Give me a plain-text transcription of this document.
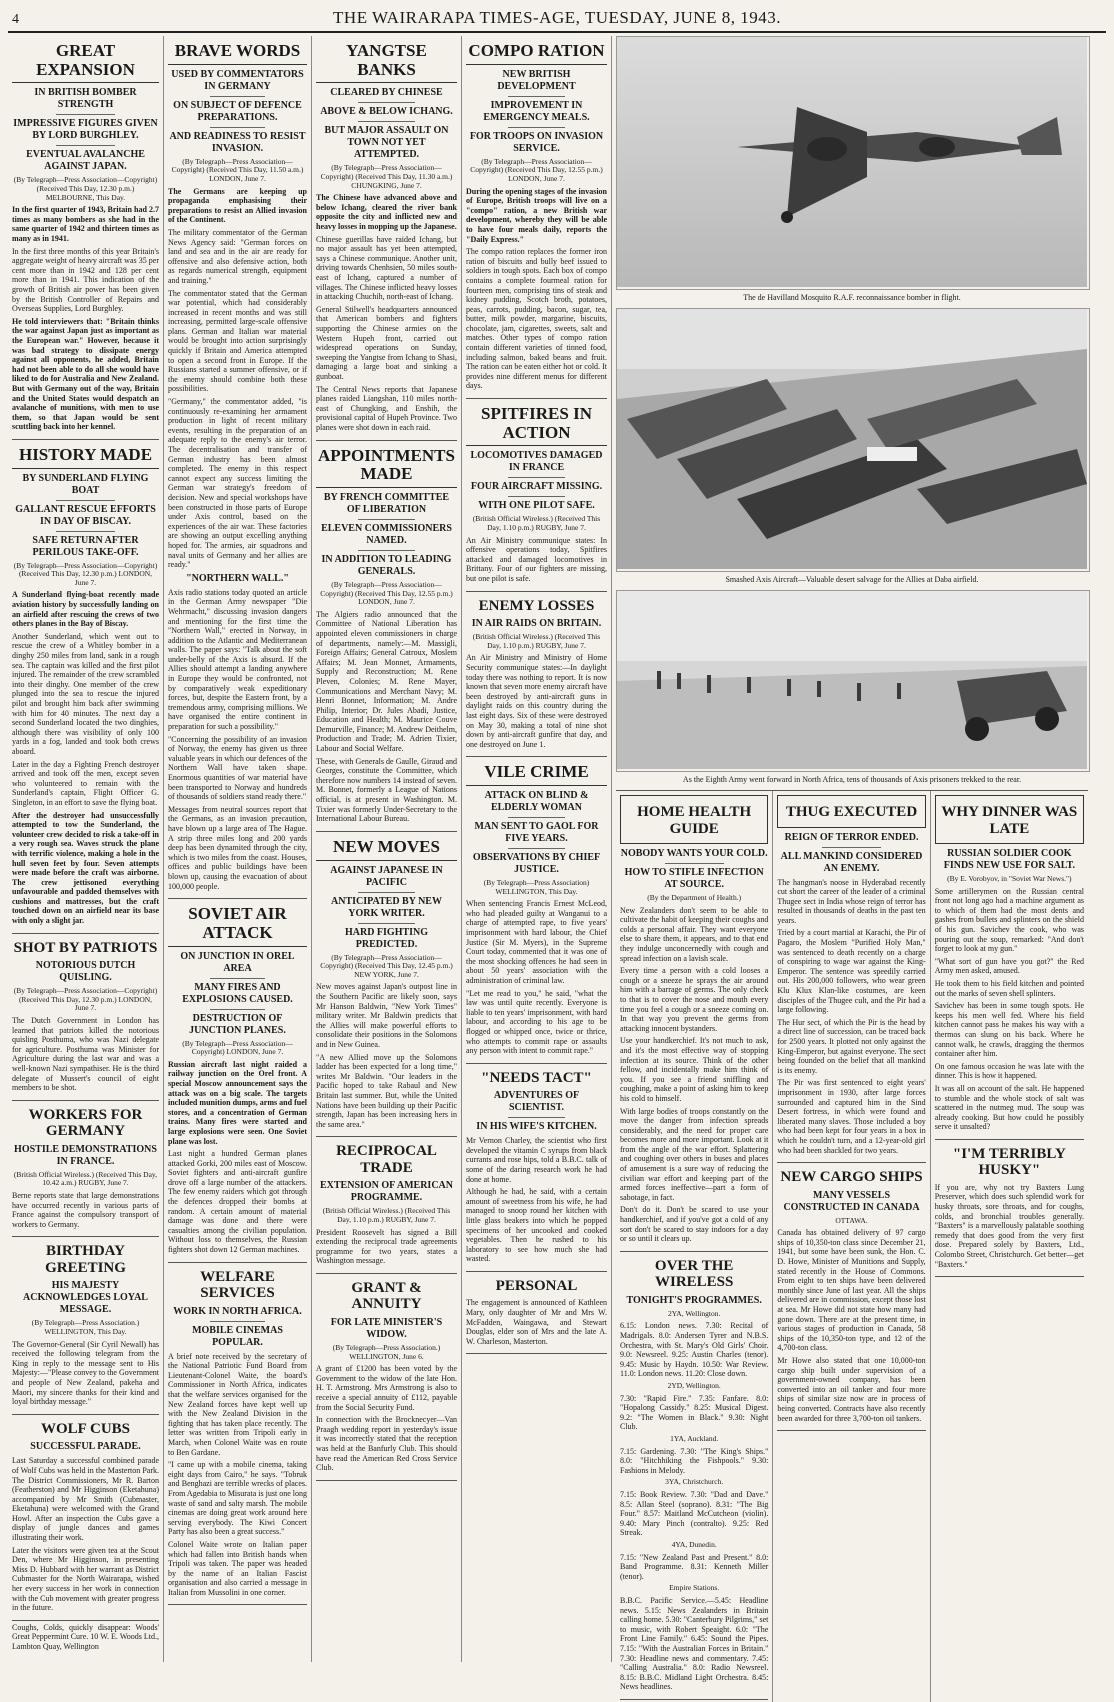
4	THE WAIRARAPA TIMES-AGE, TUESDAY, JUNE 8, 1943.
GREAT EXPANSION
IN BRITISH BOMBER STRENGTH
IMPRESSIVE FIGURES GIVEN BY LORD BURGHLEY.
EVENTUAL AVALANCHE AGAINST JAPAN.
(By Telegraph—Press Association—Copyright) (Received This Day, 12.30 p.m.) MELBOURNE, This Day.

In the first quarter of 1943, Britain had 2.7 times as many bombers as she had in the same quarter of 1942 and thirteen times as many as in 1941.

In the first three months of this year Britain's aggregate weight of heavy aircraft was 35 per cent more than in 1942 and 128 per cent more than in 1941. This indication of the growth of British air power has been given by the British Controller of Repairs and Overseas Supplies, Lord Burghley.

He told interviewers that: "Britain thinks the war against Japan just as important as the European war." However, because it was bad strategy to dissipate energy against all opponents, he added, Britain had not been able to do all she would have liked to do for Australia and New Zealand. But with Germany out of the way, Britain and the United States would despatch an avalanche of munitions, with men to use them, so that Japan would be sent scuttling back into her kennel.

HISTORY MADE
BY SUNDERLAND FLYING BOAT
GALLANT RESCUE EFFORTS IN DAY OF BISCAY.
SAFE RETURN AFTER PERILOUS TAKE-OFF.
(By Telegraph—Press Association—Copyright) (Received This Day, 12.30 p.m.) LONDON, June 7.

A Sunderland flying-boat recently made aviation history by successfully landing on an airfield after rescuing the crews of two others planes in the Bay of Biscay.

Another Sunderland, which went out to rescue the crew of a Whitley bomber in a dinghy 250 miles from land, sank in a rough sea. The captain was killed and the first pilot injured. The remainder of the crew scrambled into their dinghy. One member of the crew plunged into the sea to rescue the injured pilot and brought him back after swimming with him for 40 minutes. The next day a second Sunderland located the two dinghies, although there was visibility of only 100 yards in a fog, landed and took both crews aboard.

Later in the day a Fighting French destroyer arrived and took off the men, except seven who volunteered to remain with the Sunderland's captain, Flight Officer G. Singleton, in an effort to save the flying boat.

After the destroyer had unsuccessfully attempted to tow the Sunderland, the volunteer crew decided to risk a take-off in a very rough sea. Waves struck the plane with terrific violence, making a hole in the hull seven feet by four. Seven attempts were made before the craft was airborne. The crew jettisoned everything unfavourable and padded themselves with cushions and mattresses, but the craft touched down on an airfield near its base with only a slight jar.

SHOT BY PATRIOTS
NOTORIOUS DUTCH QUISLING.
(By Telegraph—Press Association—Copyright) (Received This Day, 12.30 p.m.) LONDON, June 7.

The Dutch Government in London has learned that patriots killed the notorious quisling Posthuma, who was Nazi delegate for agriculture. Posthuma was Minister for Agriculture during the last war and was a well-known Nazi sympathiser. He is the third delegate of Mussert's council of eight members to be shot.

WORKERS FOR GERMANY
HOSTILE DEMONSTRATIONS IN FRANCE.
(British Official Wireless.) (Received This Day, 10.42 a.m.) RUGBY, June 7.

Berne reports state that large demonstrations have occurred recently in various parts of France against the compulsory transport of workers to Germany.

BIRTHDAY GREETING
HIS MAJESTY ACKNOWLEDGES LOYAL MESSAGE.
(By Telegraph—Press Association.) WELLINGTON, This Day.

The Governor-General (Sir Cyril Newall) has received the following telegram from the King in reply to the message sent to His Majesty:—"Please convey to the Government and people of New Zealand, pakeha and Maori, my sincere thanks for their kind and loyal birthday message."

WOLF CUBS
SUCCESSFUL PARADE.

Last Saturday a successful combined parade of Wolf Cubs was held in the Masterton Park. The District Commissioners, Mr R. Barton (Featherston) and Mr Higginson (Eketahuna) accompanied by Mr Smith (Cubmaster, Eketahuna) were welcomed with the Grand Howl. After an inspection the Cubs gave a display of jungle dances and games illustrating their work.

Later the visitors were given tea at the Scout Den, where Mr Higginson, in presenting Miss D. Hubbard with her warrant as District Cubmaster for the North Wairarapa, wished her every success in her work in connection with the Cub movement with greater progress in the future.

Coughs, Colds, quickly disappear: Woods' Great Peppermint Cure. 10 W. E. Woods Ltd., Lambton Quay, Wellington

BRAVE WORDS
USED BY COMMENTATORS IN GERMANY
ON SUBJECT OF DEFENCE PREPARATIONS.
AND READINESS TO RESIST INVASION.
(By Telegraph—Press Association—Copyright) (Received This Day, 11.50 a.m.) LONDON, June 7.

The Germans are keeping up propaganda emphasising their preparations to resist an Allied invasion of the Continent.

The military commentator of the German News Agency said: "German forces on land and sea and in the air are ready for offensive and also defensive action, both as regards numerical strength, equipment and training."

The commentator stated that the German war potential, which had considerably increased in recent months and was still increasing, permitted large-scale offensive plans. German and Italian war material would be brought into action surprisingly quickly if Britain and America attempted to open a second front in Europe. If the Russians started a summer offensive, or if the enemy should combine both these possibilities.

"Germany," the commentator added, "is continuously re-examining her armament production in light of recent military events, resulting in the preparation of an adequate reply to the enemy's air terror. The decentralisation and transfer of German industry has been almost completed. The enemy in this respect cannot expect any success limiting the German war strategy's freedom of decision. New and special workshops have been constructed in those parts of Europe under Axis control, based on the experiences of the air war. These factories are showing an output excelling anything hoped for. The armies, air squadrons and naval units of Germany and her allies are ready."

"NORTHERN WALL."

Axis radio stations today quoted an article in the German Army newspaper "Die Wehrmacht," discussing invasion dangers and mentioning for the first time the "Northern Wall," erected in Norway, in addition to the Atlantic and Mediterranean walls. The paper says: "Talk about the soft under-belly of the Axis is absurd. If the Allies should attempt a landing anywhere in Europe they would be confronted, not by comparatively weak expeditionary forces, but, despite the Eastern front, by a tremendous army, comprising millions. We have organised the entire continent in preparation for such a possibility."

"Concerning the possibility of an invasion of Norway, the enemy has given us three valuable years in which our defences of the Northern Wall have taken shape. Enormous quantities of war material have been transported to Norway and hundreds of thousands of soldiers stand ready there."

Messages from neutral sources report that the Germans, as an invasion precaution, have blown up a large area of The Hague. A strip three miles long and 200 yards deep has been dynamited through the city, which is two miles from the coast. Houses, offices and public buildings have been blown up, causing the evacuation of about 100,000 people.

SOVIET AIR ATTACK
ON JUNCTION IN OREL AREA
MANY FIRES AND EXPLOSIONS CAUSED.
DESTRUCTION OF JUNCTION PLANES.
(By Telegraph—Press Association—Copyright) LONDON, June 7.

Russian aircraft last night raided a railway junction on the Orel front. A special Moscow announcement says the attack was on a big scale. The targets included munition dumps, arms and fuel stores, and a concentration of German trains. Many fires were started and large explosions were seen. One Soviet plane was lost.

Last night a hundred German planes attacked Gorki, 200 miles east of Moscow. Soviet fighters and anti-aircraft gunfire drove off a large number of the attackers. The few enemy raiders which got through the defences dropped their bombs at random. A certain amount of material damage was done and there were casualties among the civilian population. Without loss to themselves, the Russian fighters shot down 12 German machines.

WELFARE SERVICES
WORK IN NORTH AFRICA.
MOBILE CINEMAS POPULAR.

A brief note received by the secretary of the National Patriotic Fund Board from Lieutenant-Colonel Waite, the board's Commissioner in North Africa, indicates that the welfare services organised for the New Zealand forces have kept well up with the New Zealand Division in the fighting that has taken place recently. The letter was written from Tripoli early in March, when Colonel Waite was en route to Ben Gardane.

"I came up with a mobile cinema, taking eight days from Cairo," he says. "Tobruk and Benghazi are terrible wrecks of places. From Agedabia to Misurata is just one long waste of sand and salty marsh. The mobile cinemas are doing great work around here serving everybody. The Kiwi Concert Party has also been a great success."

Colonel Waite wrote on Italian paper which had fallen into British hands when Tripoli was taken. The paper was headed by the name of an Italian Fascist organisation and also carried a message in Italian from Mussolini in one corner.

YANGTSE BANKS
CLEARED BY CHINESE
ABOVE & BELOW ICHANG.
BUT MAJOR ASSAULT ON TOWN NOT YET ATTEMPTED.
(By Telegraph—Press Association—Copyright) (Received This Day, 11.30 a.m.) CHUNGKING, June 7.

The Chinese have advanced above and below Ichang, cleared the river bank opposite the city and inflicted new and heavy losses in mopping up the Japanese.

Chinese guerillas have raided Ichang, but no major assault has yet been attempted, says a Chinese communique. Another unit, driving towards Chenhsien, 50 miles south-east of Ichang, captured a number of villages. The Chinese inflicted heavy losses in attacking Chuchih, north-east of Ichang.

General Stilwell's headquarters announced that American bombers and fighters supporting the Chinese armies on the Western Hupeh front, carried out widespread operations on Sunday, sweeping the Yangtse from Ichang to Shasi, damaging a large boat and sinking a gunboat.

The Central News reports that Japanese planes raided Liangshan, 110 miles north-east of Chungking, and Enshih, the provisional capital of Hupeh Province. Two planes were shot down in each raid.

APPOINTMENTS MADE
BY FRENCH COMMITTEE OF LIBERATION
ELEVEN COMMISSIONERS NAMED.
IN ADDITION TO LEADING GENERALS.
(By Telegraph—Press Association—Copyright) (Received This Day, 12.55 p.m.) LONDON, June 7.

The Algiers radio announced that the Committee of National Liberation has appointed eleven commissioners in charge of departments, namely:—M. Massigli, Foreign Affairs; General Catroux, Moslem Affairs; M. Jean Monnet, Armaments, Supply and Reconstruction; M. Rene Pleven, Colonies; M. Rene Mayer, Communications and Merchant Navy; M. Henri Bonnet, Information; M. Andre Philip, Interior; Dr. Jules Abadi, Justice, Education and Health; M. Maurice Couve Demurville, Finance; M. Andrew Deithelm, Production and Trade; M. Adrien Tixier, Labour and Social Welfare.

These, with Generals de Gaulle, Giraud and Georges, constitute the Committee, which therefore now numbers 14 instead of seven. M. Bonnet, formerly a League of Nations official, is at present in Washington. M. Tixier was formerly Under-Secretary to the International Labour Bureau.

NEW MOVES
AGAINST JAPANESE IN PACIFIC
ANTICIPATED BY NEW YORK WRITER.
HARD FIGHTING PREDICTED.
(By Telegraph—Press Association—Copyright) (Received This Day, 12.45 p.m.) NEW YORK, June 7.

New moves against Japan's outpost line in the Southern Pacific are likely soon, says Mr Hanson Baldwin, "New York Times" military writer. Mr Baldwin predicts that the Allies will make powerful efforts to consolidate their positions in the Solomons and in New Guinea.

"A new Allied move up the Solomons ladder has been expected for a long time," writes Mr Baldwin. "Our leaders in the Pacific hoped to take Rabaul and New Britain last summer. But, while the United Nations have been building up their Pacific strength, Japan has been increasing hers in the same area."

RECIPROCAL TRADE
EXTENSION OF AMERICAN PROGRAMME.
(British Official Wireless.) (Received This Day, 1.10 p.m.) RUGBY, June 7.

President Roosevelt has signed a Bill extending the reciprocal trade agreements programme for two years, states a Washington message.

GRANT & ANNUITY
FOR LATE MINISTER'S WIDOW.
(By Telegraph—Press Association.) WELLINGTON, June 6.

A grant of £1200 has been voted by the Government to the widow of the late Hon. H. T. Armstrong. Mrs Armstrong is also to receive a special annuity of £112, payable from the Social Security Fund.

In connection with the Brocknecyer—Van Praagh wedding report in yesterday's issue it was incorrectly stated that the reception was held at the Banfurly Club. This should have read the American Red Cross Service Club.

COMPO RATION
NEW BRITISH DEVELOPMENT
IMPROVEMENT IN EMERGENCY MEALS.
FOR TROOPS ON INVASION SERVICE.
(By Telegraph—Press Association—Copyright) (Received This Day, 12.55 p.m.) LONDON, June 7.

During the opening stages of the invasion of Europe, British troops will live on a "compo" ration, a new British war development, whereby they will be able to have four meals daily, reports the "Daily Express."

The compo ration replaces the former iron ration of biscuits and bully beef issued to soldiers in tough spots. Each box of compo contains a complete fourmeal ration for fourteen men, comprising tins of steak and kidney pudding, Scotch broth, potatoes, peas, carrots, pudding, bacon, sugar, tea, butter, milk powder, margarine, biscuits, chocolate, jam, cigarettes, sweets, salt and matches. Other types of compo ration contain different varieties of tinned food, including salmon, baked beans and fruit. The ration can be eaten either hot or cold. It provides nine different menus for different days.

SPITFIRES IN ACTION
LOCOMOTIVES DAMAGED IN FRANCE
FOUR AIRCRAFT MISSING.
WITH ONE PILOT SAFE.
(British Official Wireless.) (Received This Day, 1.10 p.m.) RUGBY, June 7.

An Air Ministry communique states: In offensive operations today, Spitfires attacked and damaged locomotives in Brittany. Four of our fighters are missing, but one pilot is safe.

ENEMY LOSSES
IN AIR RAIDS ON BRITAIN.
(British Official Wireless.) (Received This Day, 1.10 p.m.) RUGBY, June 7.

An Air Ministry and Ministry of Home Security communique states:—In daylight today there was nothing to report. It is now known that seven more enemy aircraft have been destroyed by anti-aircraft guns in daylight raids on this country during the last eight days. Six of these were destroyed on May 30, making a total of nine shot down by anti-aircraft gunfire that day, and one destroyed on June 1.

VILE CRIME
ATTACK ON BLIND & ELDERLY WOMAN
MAN SENT TO GAOL FOR FIVE YEARS.
OBSERVATIONS BY CHIEF JUSTICE.
(By Telegraph—Press Association) WELLINGTON, This Day.

When sentencing Francis Ernest McLeod, who had pleaded guilty at Wanganui to a charge of attempted rape, to five years' imprisonment with hard labour, the Chief Justice (Sir M. Myers), in the Supreme Court today, commented that it was one of the most shocking offences he had seen in about 50 years' association with the administration of criminal law.

"Let me read to you," he said, "what the law was until quite recently. Everyone is liable to ten years' imprisonment, with hard labour, and according to his age to be flogged or whipped once, twice or thrice, who attempts to commit rape or assaults any person with intent to commit rape."

"NEEDS TACT"
ADVENTURES OF SCIENTIST.
IN HIS WIFE'S KITCHEN.

Mr Vernon Charley, the scientist who first developed the vitamin C syrups from black currants and rose hips, told a B.B.C. talk of some of the daring research work he had done at home.

Although he had, he said, with a certain amount of sweetness from his wife, he had managed to snoop round her kitchen with little glass beakers into which he popped specimens of her uncooked and cooked vegetables. Then he rushed to his laboratory to see how much she had wasted.

PERSONAL

The engagement is announced of Kathleen Mary, only daughter of Mr and Mrs W. McFadden, Waingawa, and Stewart Douglas, elder son of Mrs and the late A. W. Charleson, Masterton.

The de Havilland Mosquito R.A.F. reconnaissance bomber in flight.
Smashed Axis Aircraft—Valuable desert salvage for the Allies at Daba airfield.
As the Eighth Army went forward in North Africa, tens of thousands of Axis prisoners trekked to the rear.
HOME HEALTH GUIDE
NOBODY WANTS YOUR COLD.
HOW TO STIFLE INFECTION AT SOURCE.
(By the Department of Health.)

New Zealanders don't seem to be able to cultivate the habit of keeping their coughs and colds a personal affair. They want everyone else to share them, it appears, and to that end they indulge unconcernedly with cough and spread infection on a lavish scale.

Every time a person with a cold looses a cough or a sneeze he sprays the air around him with a barrage of germs. The only check to that is to cover the nose and mouth every time you feel a cough or a sneeze coming on. In that way you prevent the germs from attacking innocent bystanders.

Use your handkerchief. It's not much to ask, and it's the most effective way of stopping infection at its source. Think of the other fellow, and incidentally make him think of you. If you see a friend sniffling and coughing, make a point of asking him to keep his cold to himself.

With large bodies of troops constantly on the move the danger from infection spreads considerably, and the need for proper care becomes more and more important. Look at it from the angle of the war effort. Splattering and coughing over others in buses and places of amusement is a sure way of reducing the civilian war effort and keeping part of the armed forces ineffective—part a form of sabotage, in fact.

Don't do it. Don't be scared to use your handkerchief, and if you've got a cold of any sort don't be scared to stay indoors for a day or so until it clears up.

OVER THE WIRELESS
TONIGHT'S PROGRAMMES.
2YA, Wellington.

6.15: London news. 7.30: Recital of Madrigals. 8.0: Andersen Tyrer and N.B.S. Orchestra, with St. Mary's Old Girls' Choir. 9.0: Newsreel. 9.25: Austin Charles (tenor). 9.45: Music by Haydn. 10.50: War Review. 11.0: London news. 11.20: Close down.

2YD, Wellington.

7.30: "Rapid Fire." 7.35: Fanfare. 8.0: "Hopalong Cassidy." 8.25: Musical Digest. 9.2: "The Women in Black." 9.30: Night Club.

1YA, Auckland.

7.15: Gardening. 7.30: "The King's Ships." 8.0: "Hitchhiking the Fishpools." 9.30: Fashions in Melody.

3YA, Christchurch.

7.15: Book Review. 7.30: "Dad and Dave." 8.5: Allan Steel (soprano). 8.31: "The Big Four." 8.57: Maitland McCutcheon (violin). 9.40: Mary Pinch (contralto). 9.25: Red Streak.

4YA, Dunedin.

7.15: "New Zealand Past and Present." 8.0: Band Programme. 8.31: Kenneth Miller (tenor).

Empire Stations.

B.B.C. Pacific Service.—5.45: Headline news. 5.15: News Zealanders in Britain calling home. 5.30: "Canterbury Pilgrims," set to music, with Robert Speaight. 6.0: "The Front Line Family." 6.45: Sound the Pipes. 7.15: "With the Australian Forces in Britain." 7.30: Headline news and commentary. 7.45: "Calling Australia." 8.0: Radio Newsreel. 8.15: B.B.C. Midland Light Orchestra. 8.45: News headlines.

THUG EXECUTED
REIGN OF TERROR ENDED.
ALL MANKIND CONSIDERED AN ENEMY.

The hangman's noose in Hyderabad recently cut short the career of the leader of a criminal Thugee sect in India whose reign of terror has resulted in thousands of deaths in the past ten years.

Tried by a court martial at Karachi, the Pir of Pagaro, the Moslem "Purified Holy Man," was sentenced to death recently on a charge of conspiring to wage war against the King-Emperor. The sentence was speedily carried out. His 200,000 followers, who wear green Klu Klux Klan-like costumes, are keen disciples of the Thugee cult, and the Pir had a large following.

The Hur sect, of which the Pir is the head by a direct line of succession, can be traced back for 2500 years. It plotted not only against the King-Emperor, but against everyone. The sect being founded on the belief that all mankind is its enemy.

The Pir was first sentenced to eight years' imprisonment in 1930, after large forces surrounded and captured him in the Sind Desert fortress, in which were found and liberated many slaves. Those included a boy who had been kept for four years in a box in which he couldn't turn, and a 12-year-old girl who had been shackled for two years.

NEW CARGO SHIPS
MANY VESSELS CONSTRUCTED IN CANADA
OTTAWA.

Canada has obtained delivery of 97 cargo ships of 10,350-ton class since December 21, 1941, but some have been sunk, the Hon. C. D. Howe, Minister of Munitions and Supply, stated recently in the House of Commons. From eight to ten ships have been delivered monthly since June of last year. All the ships delivered are in commission, except those lost at sea. Mr Howe did not state how many had gone down. There are at the present time, in various stages of production in Canada, 58 ships of the 10,350-ton type, and 12 of the 4,700-ton class.

Mr Howe also stated that one 10,000-ton cargo ship built under supervision of a government-owned company, has been converted into an oil tanker and four more ships of similar size now are in process of being converted. Contracts have also recently been awarded for three 3,700-ton oil tankers.

WHY DINNER WAS LATE
RUSSIAN SOLDIER COOK FINDS NEW USE FOR SALT.
(By E. Vorobyov, in "Soviet War News.")

Some artillerymen on the Russian central front not long ago had a machine argument as to which of them had the most dents and gashes from bullets and splinters on the shield of his gun. Savichev the cook, who was pouring out the soup, remarked: "And don't forget to look at my gun."

"What sort of gun have you got?" the Red Army men asked, amused.

He took them to his field kitchen and pointed out the marks of seven shell splinters.

Savichev has been in some tough spots. He keeps his men well fed. Where his field kitchen cannot pass he makes his way with a thermos can slung on his back. Where he cannot walk, he crawls, dragging the thermos container after him.

On one famous occasion he was late with the dinner. This is how it happened.

It was all on account of the salt. He happened to stumble and the whole stock of salt was scattered in the nutmeg mud. The soup was already cooking. But how could he possibly serve it unsalted?

"I'M TERRIBLY HUSKY"

If you are, why not try Baxters Lung Preserver, which does such splendid work for husky throats, sore throats, and for coughs, colds, and bronchial troubles generally. "Baxters" is a marvellously palatable soothing remedy that does good from the very first dose. Prepared solely by Baxters, Ltd., Colombo Street, Christchurch. Get better—get "Baxters."
